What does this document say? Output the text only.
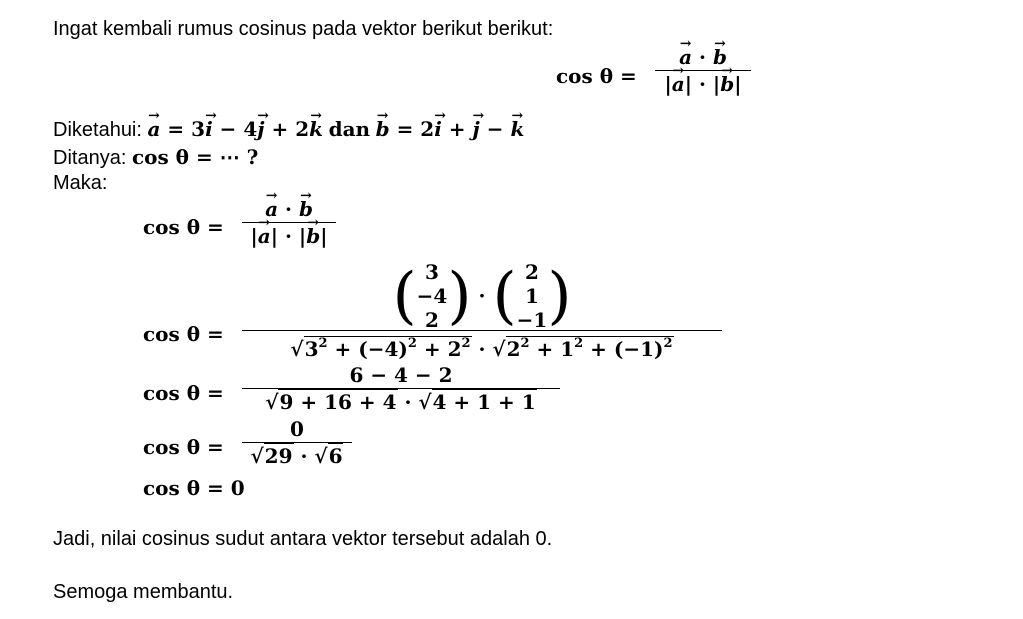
Ingat kembali rumus cosinus pada vektor berikut berikut:
cos θ =
a → · b →
|a →| · |b →|
Diketahui: a → = 3i → − 4j → + 2k → dan b → = 2i → + j → − k →
Ditanya: cos θ = ⋯ ?
Maka:
cos θ =
a → · b →
|a →| · |b →|
cos θ =
( 3
−4
2 ) · ( 2
1
−1)
$√3^2 + (-4)^2 + 2^2 \cdot √2^2 + 1^2 + (-1)^2$
cos θ =
6 − 4 − 2
√9 + 16 + 4 · √4 + 1 + 1
cos θ =
0
√29 · √6
cos θ = 0
Jadi, nilai cosinus sudut antara vektor tersebut adalah 0.
Semoga membantu.
